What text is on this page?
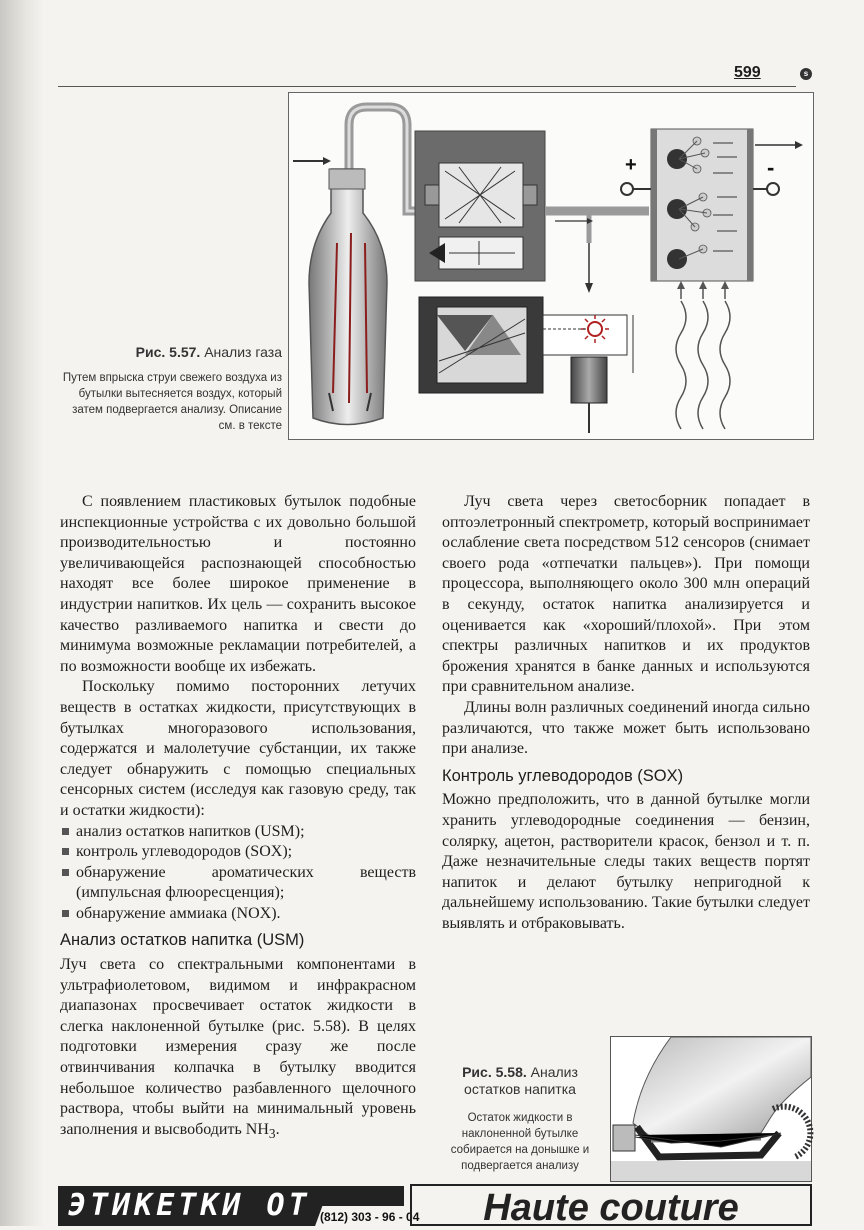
599	s
+	-
Рис. 5.57. Анализ газа
Путем впрыска струи свежего воздуха из бутылки вытесняется воздух, который затем подвергается анализу. Описание см. в тексте

С появлением пластиковых бутылок подобные инспекционные устройства с их довольно большой производительностью и постоянно увеличивающейся распознающей способностью находят все более широкое применение в индустрии напитков. Их цель — сохранить высокое качество разливаемого напитка и свести до минимума возможные рекламации потребителей, а по возможности вообще их избежать.

Поскольку помимо посторонних летучих веществ в остатках жидкости, присутствующих в бутылках многоразового использования, содержатся и малолетучие субстанции, их также следует обнаружить с помощью специальных сенсорных систем (исследуя как газовую среду, так и остатки жидкости):

анализ остатков напитков (USM);
контроль углеводородов (SOX);
обнаружение ароматических веществ (импульсная флюоресценция);
обнаружение аммиака (NOX).
Анализ остатков напитка (USM)

Луч света со спектральными компонентами в ультрафиолетовом, видимом и инфракрасном диапазонах просвечивает остаток жидкости в слегка наклоненной бутылке (рис. 5.58). В целях подготовки измерения сразу же после отвинчивания колпачка в бутылку вводится небольшое количество разбавленного щелочного раствора, чтобы выйти на минимальный уровень заполнения и высвободить $NH_3$.

Луч света через светосборник попадает в оптоэлетронный спектрометр, который воспринимает ослабление света посредством 512 сенсоров (снимает своего рода «отпечатки пальцев»). При помощи процессора, выполняющего около 300 млн операций в секунду, остаток напитка анализируется и оценивается как «хороший/плохой». При этом спектры различных напитков и их продуктов брожения хранятся в банке данных и используются при сравнительном анализе.

Длины волн различных соединений иногда сильно различаются, что также может быть использовано при анализе.

Контроль углеводородов (SOX)

Можно предположить, что в данной бутылке могли хранить углеводородные соединения — бензин, солярку, ацетон, растворители красок, бензол и т. п. Даже незначительные следы таких веществ портят напиток и делают бутылку непригодной к дальнейшему использованию. Такие бутылки следует выявлять и отбраковывать.

Рис. 5.58. Анализ остатков напитка
Остаток жидкости в наклоненной бутылке собирается на донышке и подвергается анализу
ЭТИКЕТКИ ОТ (812) 303 - 96 - 04	Haute couture
